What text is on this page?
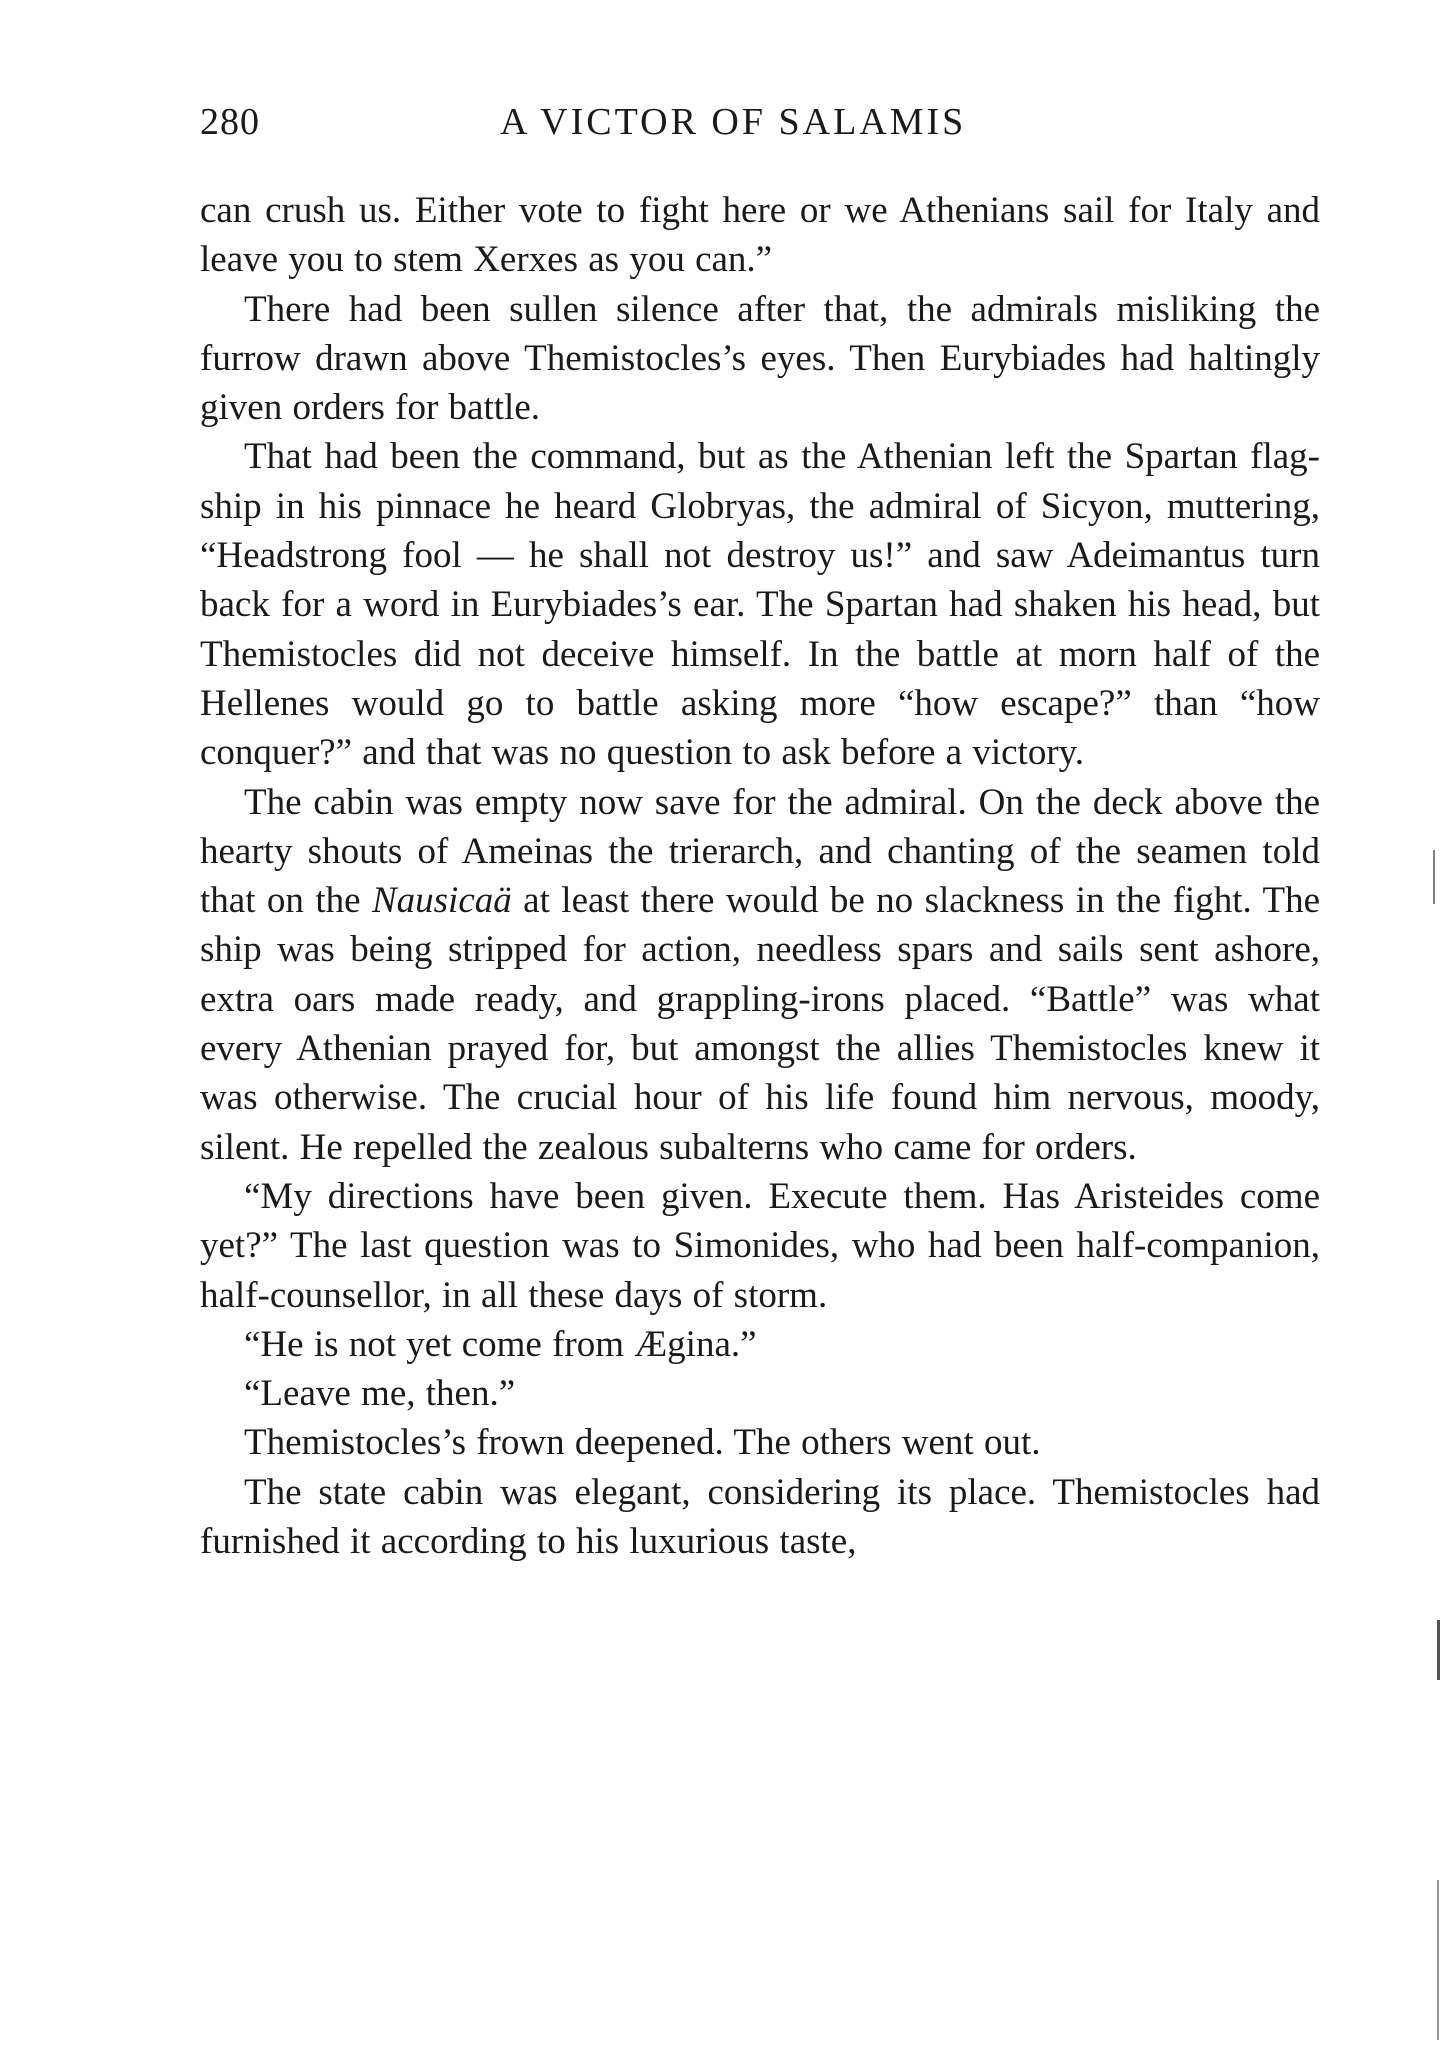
280	A VICTOR OF SALAMIS

can crush us. Either vote to fight here or we Athenians sail for Italy and leave you to stem Xerxes as you can.”

There had been sullen silence after that, the admirals misliking the furrow drawn above Themistocles’s eyes. Then Eurybiades had haltingly given orders for battle.

That had been the command, but as the Athenian left the Spartan flag-ship in his pinnace he heard Globryas, the admiral of Sicyon, muttering, “Headstrong fool — he shall not destroy us!” and saw Adeimantus turn back for a word in Eurybiades’s ear. The Spartan had shaken his head, but Themistocles did not deceive himself. In the battle at morn half of the Hellenes would go to battle asking more “how escape?” than “how conquer?” and that was no question to ask before a victory.

The cabin was empty now save for the admiral. On the deck above the hearty shouts of Ameinas the trierarch, and chanting of the seamen told that on the Nausicaä at least there would be no slackness in the fight. The ship was being stripped for action, needless spars and sails sent ashore, extra oars made ready, and grappling-irons placed. “Battle” was what every Athenian prayed for, but amongst the allies Themistocles knew it was otherwise. The crucial hour of his life found him nervous, moody, silent. He repelled the zealous subalterns who came for orders.

“My directions have been given. Execute them. Has Aristeides come yet?” The last question was to Simonides, who had been half-companion, half-counsellor, in all these days of storm.

“He is not yet come from Ægina.”

“Leave me, then.”

Themistocles’s frown deepened. The others went out.

The state cabin was elegant, considering its place. Themistocles had furnished it according to his luxurious taste,
